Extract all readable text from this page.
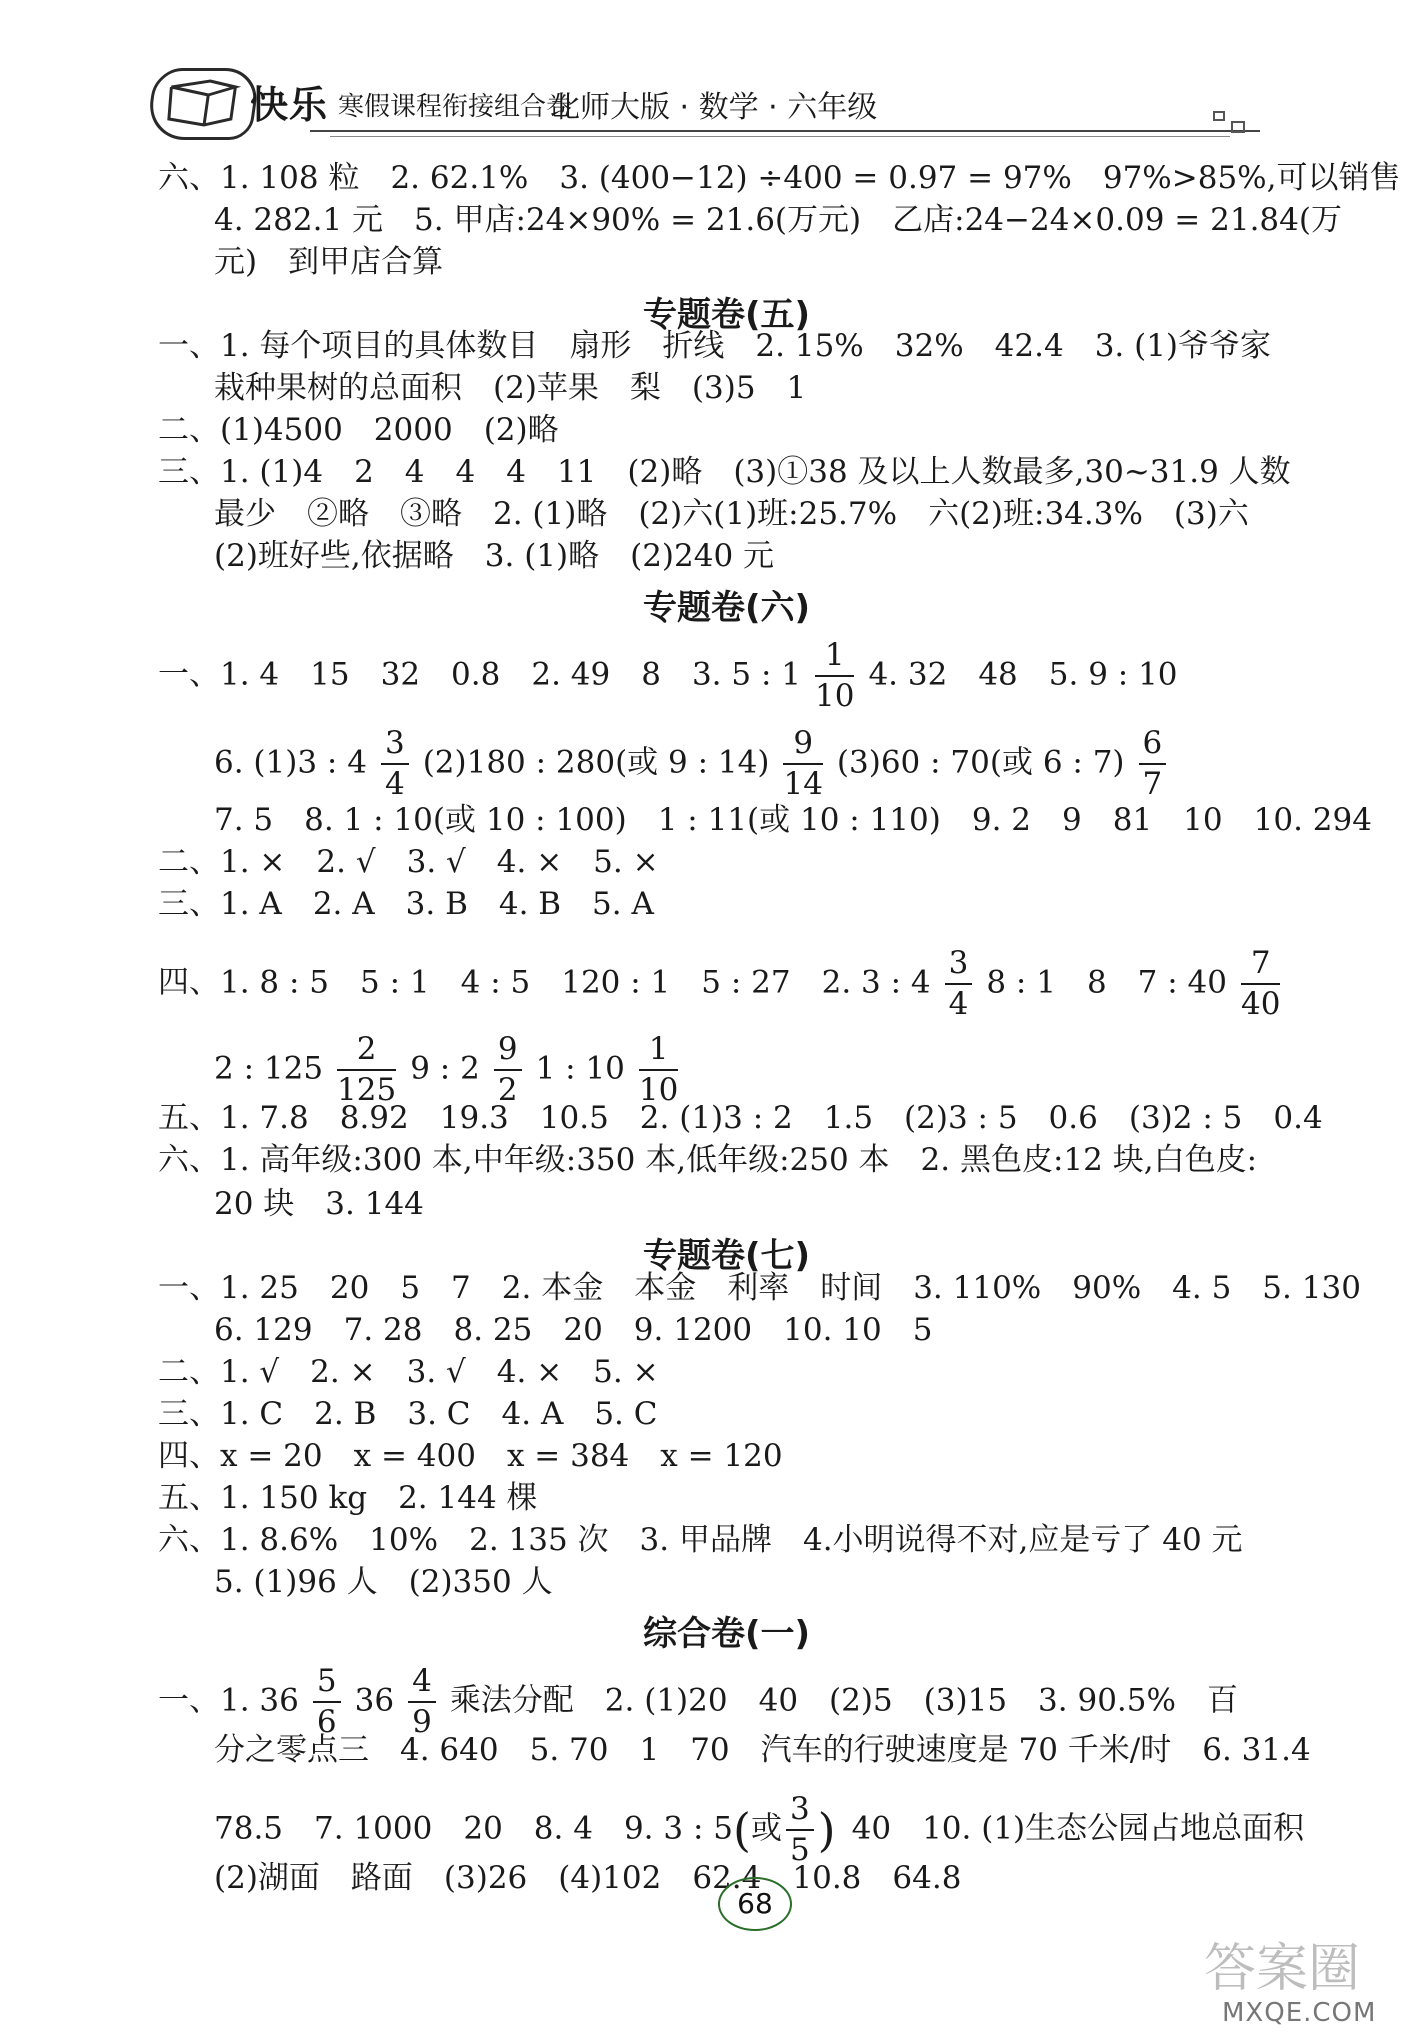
快乐 寒假课程衔接组合卷
北师大版 · 数学 · 六年级
六、1. 108 粒　2. 62.1%　3. (400−12) ÷400 = 0.97 = 97%　97%>85%,可以销售
4. 282.1 元　5. 甲店:24×90% = 21.6(万元)　乙店:24−24×0.09 = 21.84(万
元)　到甲店合算
专题卷(五)
一、1. 每个项目的具体数目　扇形　折线　2. 15%　32%　42.4　3. (1)爷爷家
栽种果树的总面积　(2)苹果　梨　(3)5　1
二、(1)4500　2000　(2)略
三、1. (1)4　2　4　4　4　11　(2)略　(3)①38 及以上人数最多,30~31.9 人数
最少　②略　③略　2. (1)略　(2)六(1)班:25.7%　六(2)班:34.3%　(3)六
(2)班好些,依据略　3. (1)略　(2)240 元
专题卷(六)
一、1. 4　15　32　0.8　2. 49　8　3. 5 : $1 \frac{1}{10} 4$. 32　48　5. 9 : 10
6. (1)3 : $4 \frac{3}{4} (2)180$ : 280(或 9 : $14) \frac{9}{14} (3)60$ : 70(或 6 : $7) \frac{6}{7}$
7. 5　8. 1 : 10(或 10 : 100)　1 : 11(或 10 : 110)　9. 2　9　81　10　10. 294
二、1. ×　2. √　3. √　4. ×　5. ×
三、1. A　2. A　3. B　4. B　5. A
四、1. 8 : 5　5 : 1　4 : 5　120 : 1　5 : 27　2. 3 : $4 \frac{3}{4} 8$ : 1　8　7 : $40 \frac{7}{40}$
2 : $125 \frac{2}{125} 9$ : $2 \frac{9}{2} 1$ : $10 \frac{1}{10}$
五、1. 7.8　8.92　19.3　10.5　2. (1)3 : 2　1.5　(2)3 : 5　0.6　(3)2 : 5　0.4
六、1. 高年级:300 本,中年级:350 本,低年级:250 本　2. 黑色皮:12 块,白色皮:
20 块　3. 144
专题卷(七)
一、1. 25　20　5　7　2. 本金　本金　利率　时间　3. 110%　90%　4. 5　5. 130
6. 129　7. 28　8. 25　20　9. 1200　10. 10　5
二、1. √　2. ×　3. √　4. ×　5. ×
三、1. C　2. B　3. C　4. A　5. C
四、x = 20　x = 400　x = 384　x = 120
五、1. 150 kg　2. 144 棵
六、1. 8.6%　10%　2. 135 次　3. 甲品牌　4.小明说得不对,应是亏了 40 元
5. (1)96 人　(2)350 人
综合卷(一)
一、1. $36 \frac{5}{6} 36 \frac{4}{9}$ 乘法分配　2. (1)20　40　(2)5　(3)15　3. 90.5%　百
分之零点三　4. 640　5. 70　1　70　汽车的行驶速度是 70 千米/时　6. 31.4
78.5　7. 1000　20　8. 4　9. 3 : 5(或 $\frac{3}{5}$ ) 40　10. (1)生态公园占地总面积
(2)湖面　路面　(3)26　(4)102　62.4　10.8　64.8
68
答案圈
MXQE.COM
